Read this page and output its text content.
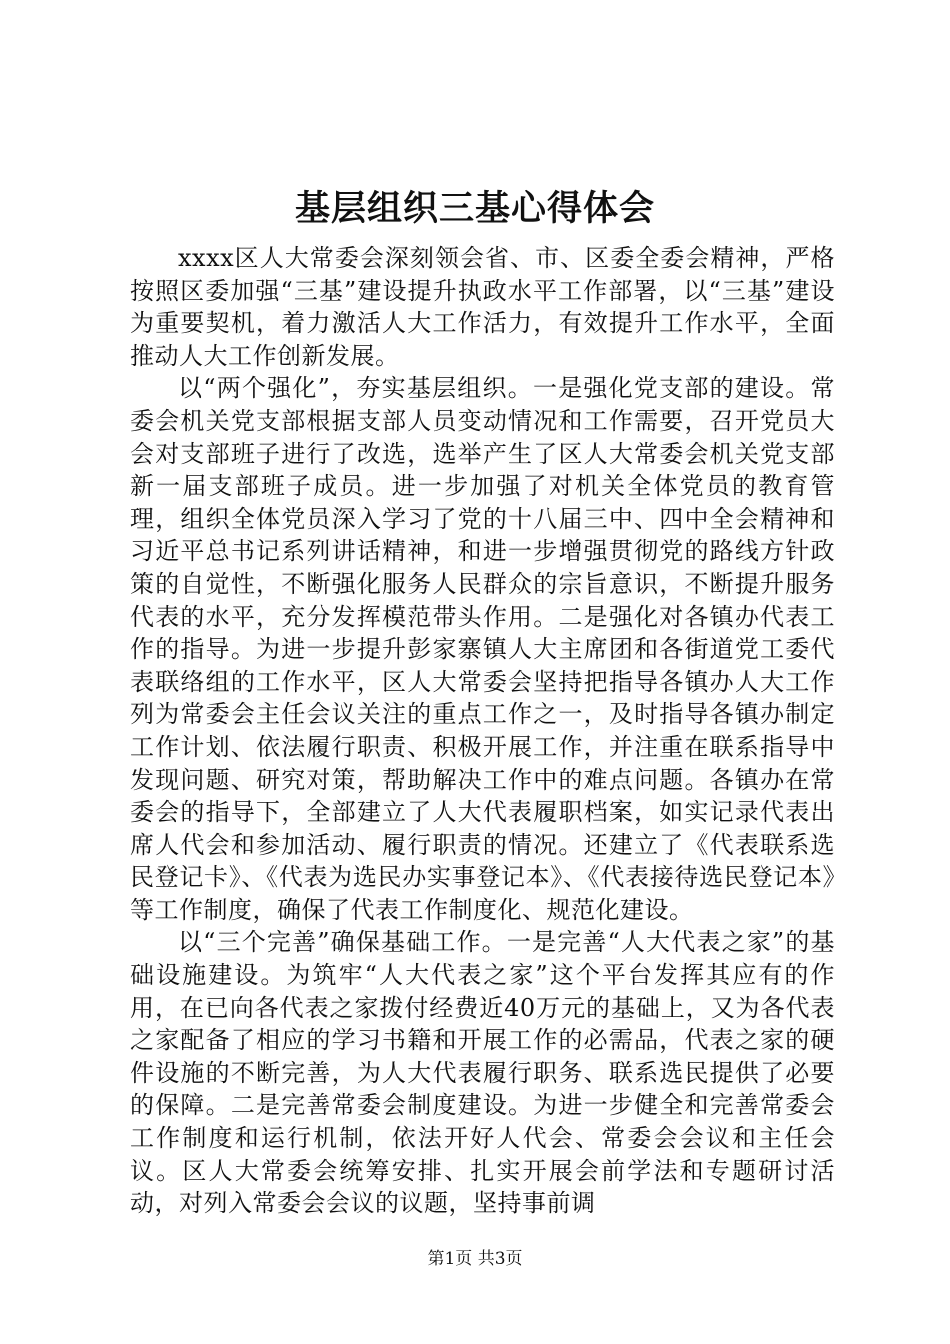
基层组织三基心得体会

xxxx区人大常委会深刻领会省、市、区委全委会精神，严格按照区委加强“三基”建设提升执政水平工作部署，以“三基”建设为重要契机，着力激活人大工作活力，有效提升工作水平，全面推动人大工作创新发展。

以“两个强化”，夯实基层组织。一是强化党支部的建设。常委会机关党支部根据支部人员变动情况和工作需要，召开党员大会对支部班子进行了改选，选举产生了区人大常委会机关党支部新一届支部班子成员。进一步加强了对机关全体党员的教育管理，组织全体党员深入学习了党的十八届三中、四中全会精神和习近平总书记系列讲话精神，和进一步增强贯彻党的路线方针政策的自觉性，不断强化服务人民群众的宗旨意识，不断提升服务代表的水平，充分发挥模范带头作用。二是强化对各镇办代表工作的指导。为进一步提升彭家寨镇人大主席团和各街道党工委代表联络组的工作水平，区人大常委会坚持把指导各镇办人大工作列为常委会主任会议关注的重点工作之一，及时指导各镇办制定工作计划、依法履行职责、积极开展工作，并注重在联系指导中发现问题、研究对策，帮助解决工作中的难点问题。各镇办在常委会的指导下，全部建立了人大代表履职档案，如实记录代表出席人代会和参加活动、履行职责的情况。还建立了《代表联系选民登记卡》、《代表为选民办实事登记本》、《代表接待选民登记本》等工作制度，确保了代表工作制度化、规范化建设。

以“三个完善”确保基础工作。一是完善“人大代表之家”的基础设施建设。为筑牢“人大代表之家”这个平台发挥其应有的作用，在已向各代表之家拨付经费近40万元的基础上，又为各代表之家配备了相应的学习书籍和开展工作的必需品，代表之家的硬件设施的不断完善，为人大代表履行职务、联系选民提供了必要的保障。二是完善常委会制度建设。为进一步健全和完善常委会工作制度和运行机制，依法开好人代会、常委会会议和主任会议。区人大常委会统筹安排、扎实开展会前学法和专题研讨活动，对列入常委会会议的议题，坚持事前调

第1页 共3页
